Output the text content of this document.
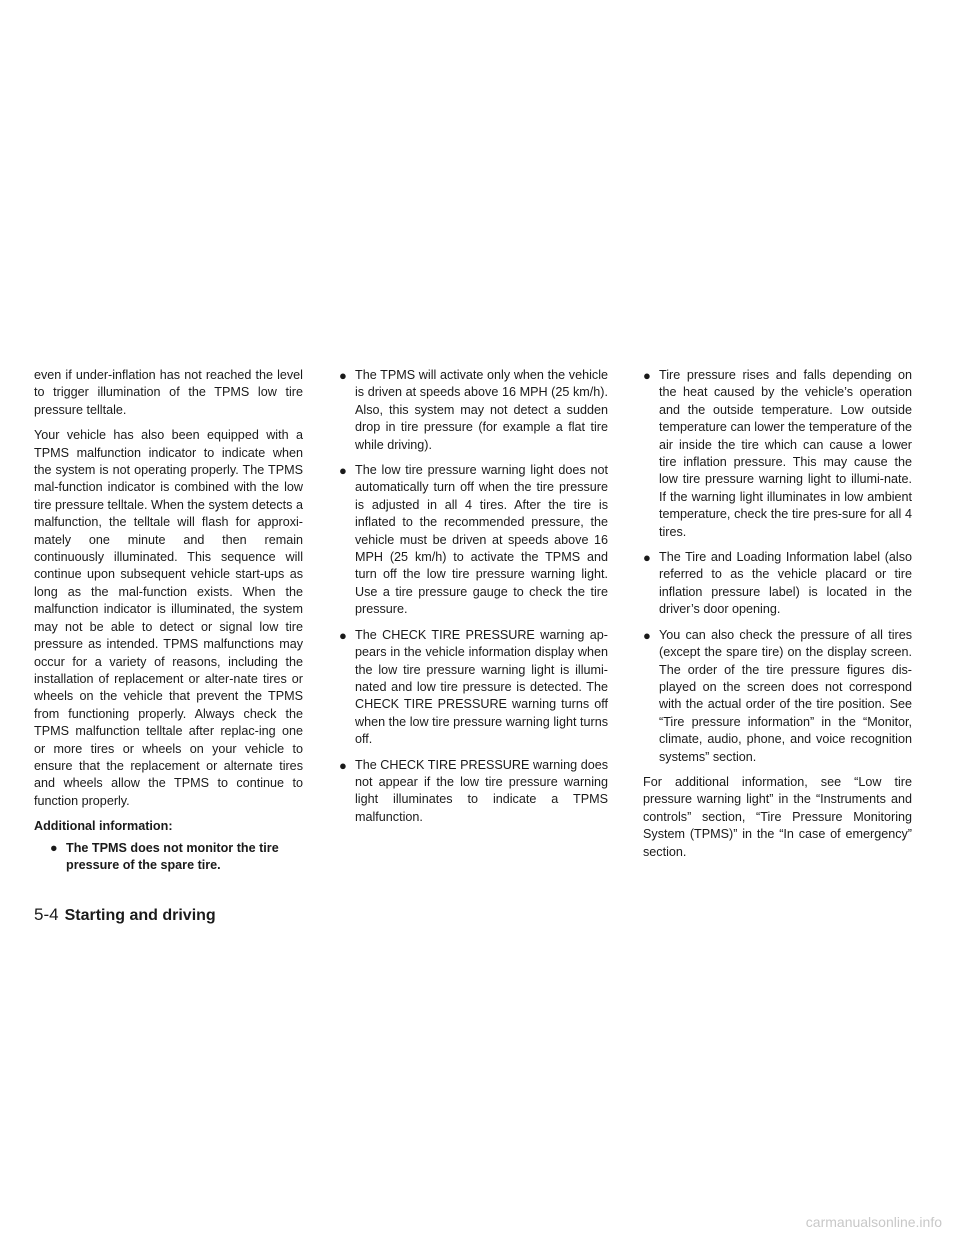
even if under-inflation has not reached the level to trigger illumination of the TPMS low tire pressure telltale.

Your vehicle has also been equipped with a TPMS malfunction indicator to indicate when the system is not operating properly. The TPMS mal-function indicator is combined with the low tire pressure telltale. When the system detects a malfunction, the telltale will flash for approxi-mately one minute and then remain continuously illuminated. This sequence will continue upon subsequent vehicle start-ups as long as the mal-function exists. When the malfunction indicator is illuminated, the system may not be able to detect or signal low tire pressure as intended. TPMS malfunctions may occur for a variety of reasons, including the installation of replacement or alter-nate tires or wheels on the vehicle that prevent the TPMS from functioning properly. Always check the TPMS malfunction telltale after replac-ing one or more tires or wheels on your vehicle to ensure that the replacement or alternate tires and wheels allow the TPMS to continue to function properly.

Additional information:
● The TPMS does not monitor the tire pressure of the spare tire.
● The TPMS will activate only when the vehicle is driven at speeds above 16 MPH (25 km/h). Also, this system may not detect a sudden drop in tire pressure (for example a flat tire while driving).
● The low tire pressure warning light does not automatically turn off when the tire pressure is adjusted in all 4 tires. After the tire is inflated to the recommended pressure, the vehicle must be driven at speeds above 16 MPH (25 km/h) to activate the TPMS and turn off the low tire pressure warning light. Use a tire pressure gauge to check the tire pressure.
● The CHECK TIRE PRESSURE warning ap-pears in the vehicle information display when the low tire pressure warning light is illumi-nated and low tire pressure is detected. The CHECK TIRE PRESSURE warning turns off when the low tire pressure warning light turns off.
● The CHECK TIRE PRESSURE warning does not appear if the low tire pressure warning light illuminates to indicate a TPMS malfunction.
● Tire pressure rises and falls depending on the heat caused by the vehicle’s operation and the outside temperature. Low outside temperature can lower the temperature of the air inside the tire which can cause a lower tire inflation pressure. This may cause the low tire pressure warning light to illumi-nate. If the warning light illuminates in low ambient temperature, check the tire pres-sure for all 4 tires.
● The Tire and Loading Information label (also referred to as the vehicle placard or tire inflation pressure label) is located in the driver’s door opening.
● You can also check the pressure of all tires (except the spare tire) on the display screen. The order of the tire pressure figures dis-played on the screen does not correspond with the actual order of the tire position. See “Tire pressure information” in the “Monitor, climate, audio, phone, and voice recognition systems” section.

For additional information, see “Low tire pressure warning light” in the “Instruments and controls” section, “Tire Pressure Monitoring System (TPMS)” in the “In case of emergency” section.

5-4 Starting and driving
carmanualsonline.info
